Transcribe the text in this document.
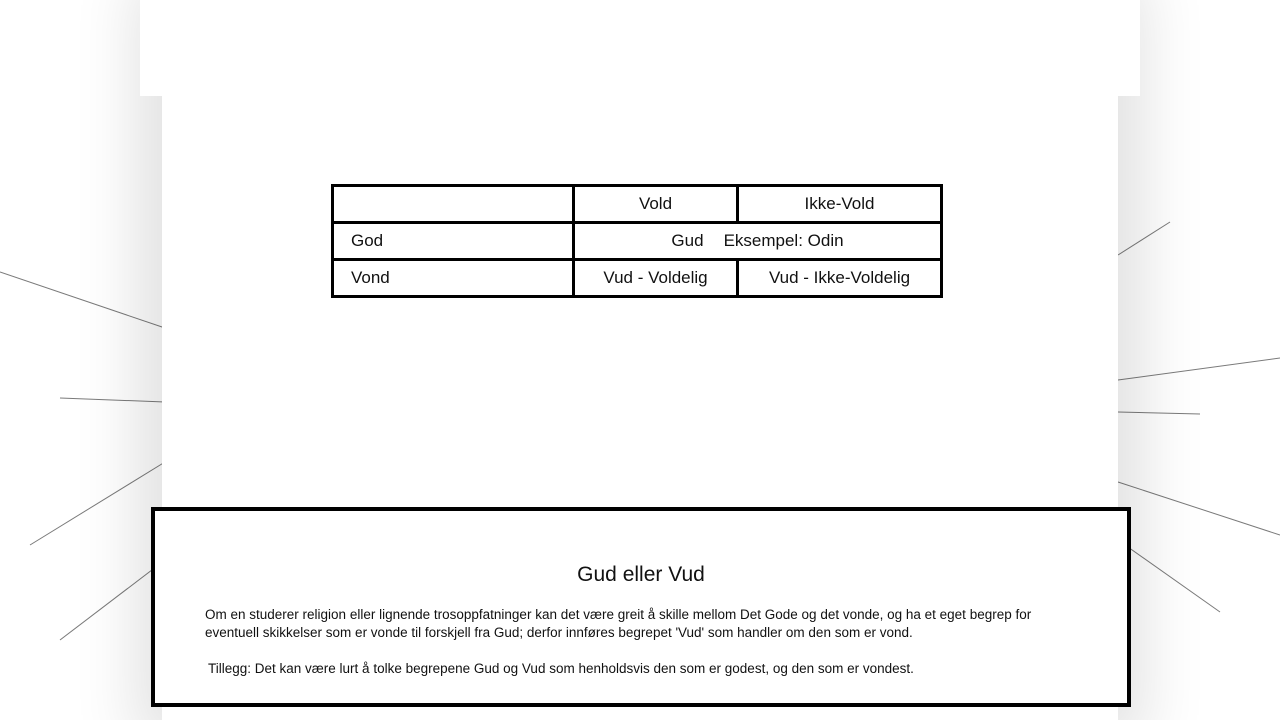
	Vold	Ikke-Vold
God	Gud Eksempel: Odin	
Vond	Vud - Voldelig	Vud - Ikke-Voldelig
Gud eller Vud
Om en studerer religion eller lignende trosoppfatninger kan det være greit å skille mellom Det Gode og det vonde, og ha et eget begrep for eventuell skikkelser som er vonde til forskjell fra Gud; derfor innføres begrepet 'Vud' som handler om den som er vond.
Tillegg: Det kan være lurt å tolke begrepene Gud og Vud som henholdsvis den som er godest, og den som er vondest.
